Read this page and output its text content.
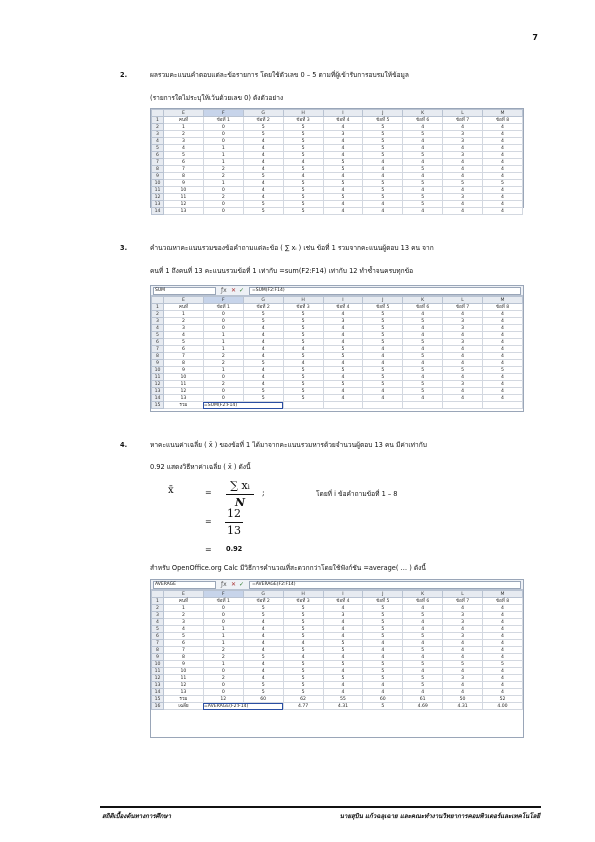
7
2.	ผลรวมคะแนนคำตอบแต่ละข้อรายการ โดยใช้ตัวเลข 0 – 5 ตามที่ผู้เข้ารับการอบรมให้ข้อมูล
(รายการใดไม่ระบุให้เว้นด้วยเลข 0) ดังตัวอย่าง
	E	F	G	H	I	J	K	L	M
1	คนที่	ข้อที่ 1	ข้อที่ 2	ข้อที่ 3	ข้อที่ 4	ข้อที่ 5	ข้อที่ 6	ข้อที่ 7	ข้อที่ 8
2	1	0	5	5	4	5	4	4	4
3	2	0	5	5	3	5	5	3	4
4	3	0	4	5	4	5	4	3	4
5	4	1	4	5	4	5	4	4	4
6	5	1	4	5	4	5	5	3	4
7	6	1	4	4	5	4	4	4	4
8	7	2	4	5	5	4	5	4	4
9	8	2	5	4	4	4	4	4	4
10	9	1	4	5	5	5	5	5	5
11	10	0	4	5	4	5	4	4	4
12	11	2	4	5	5	5	5	3	4
13	12	0	5	5	4	4	5	4	4
14	13	0	5	5	4	4	4	4	4
3.	คำนวณหาคะแนนรวมของข้อคำถามแต่ละข้อ ( ∑ xᵢ ) เช่น ข้อที่ 1 รวมจากคะแนนผู้ตอบ 13 คน จาก
คนที่ 1 ถึงคนที่ 13 คะแนนรวมข้อที่ 1 เท่ากับ =sum(F2:F14) เท่ากับ 12 ทำซ้ำจนครบทุกข้อ
SUM	ƒx ✕ ✓	=SUM(F2:F14)
	E	F	G	H	I	J	K	L	M
1	คนที่	ข้อที่ 1	ข้อที่ 2	ข้อที่ 3	ข้อที่ 4	ข้อที่ 5	ข้อที่ 6	ข้อที่ 7	ข้อที่ 8
2	1	0	5	5	4	5	4	4	4
3	2	0	5	5	3	5	5	3	4
4	3	0	4	5	4	5	4	3	4
5	4	1	4	5	4	5	4	4	4
6	5	1	4	5	4	5	5	3	4
7	6	1	4	4	5	4	4	4	4
8	7	2	4	5	5	4	5	4	4
9	8	2	5	4	4	4	4	4	4
10	9	1	4	5	5	5	5	5	5
11	10	0	4	5	4	5	4	4	4
12	11	2	4	5	5	5	5	3	4
13	12	0	5	5	4	4	5	4	4
14	13	0	5	5	4	4	4	4	4
15	รวม	=SUM(F2:F14)							
4.	หาคะแนนค่าเฉลี่ย ( x̄ ) ของข้อที่ 1 ได้มาจากคะแนนรวมหารด้วยจำนวนผู้ตอบ 13 คน มีค่าเท่ากับ
0.92 แสดงวิธีหาค่าเฉลี่ย ( x̄ ) ดังนี้
x̄	=
∑ xᵢ
N
;	โดยที่ i ข้อคำถามข้อที่ 1 – 8
=
12
13
= 0.92
สำหรับ OpenOffice.org Calc มีวิธีการคำนวณที่สะดวกกว่าโดยใช้ฟังก์ชัน =average( … ) ดังนี้
AVERAGE	ƒx ✕ ✓	=AVERAGE(F2:F14)
	E	F	G	H	I	J	K	L	M
1	คนที่	ข้อที่ 1	ข้อที่ 2	ข้อที่ 3	ข้อที่ 4	ข้อที่ 5	ข้อที่ 6	ข้อที่ 7	ข้อที่ 8
2	1	0	5	5	4	5	4	4	4
3	2	0	5	5	3	5	5	3	4
4	3	0	4	5	4	5	4	3	4
5	4	1	4	5	4	5	4	4	4
6	5	1	4	5	4	5	5	3	4
7	6	1	4	4	5	4	4	4	4
8	7	2	4	5	5	4	5	4	4
9	8	2	5	4	4	4	4	4	4
10	9	1	4	5	5	5	5	5	5
11	10	0	4	5	4	5	4	4	4
12	11	2	4	5	5	5	5	3	4
13	12	0	5	5	4	4	5	4	4
14	13	0	5	5	4	4	4	4	4
15	รวม	12	60	62	55	60	61	50	52
16	เฉลี่ย	=AVERAGE(F2:F14)		4.77	4.31	5	4.69	4.31	4.00
สถิติเบื้องต้นทางการศึกษา	นายสุบิน แก้วฉลุเฉาย และคณะทำงานวิทยาการคอมพิวเตอร์และเทคโนโลยี
